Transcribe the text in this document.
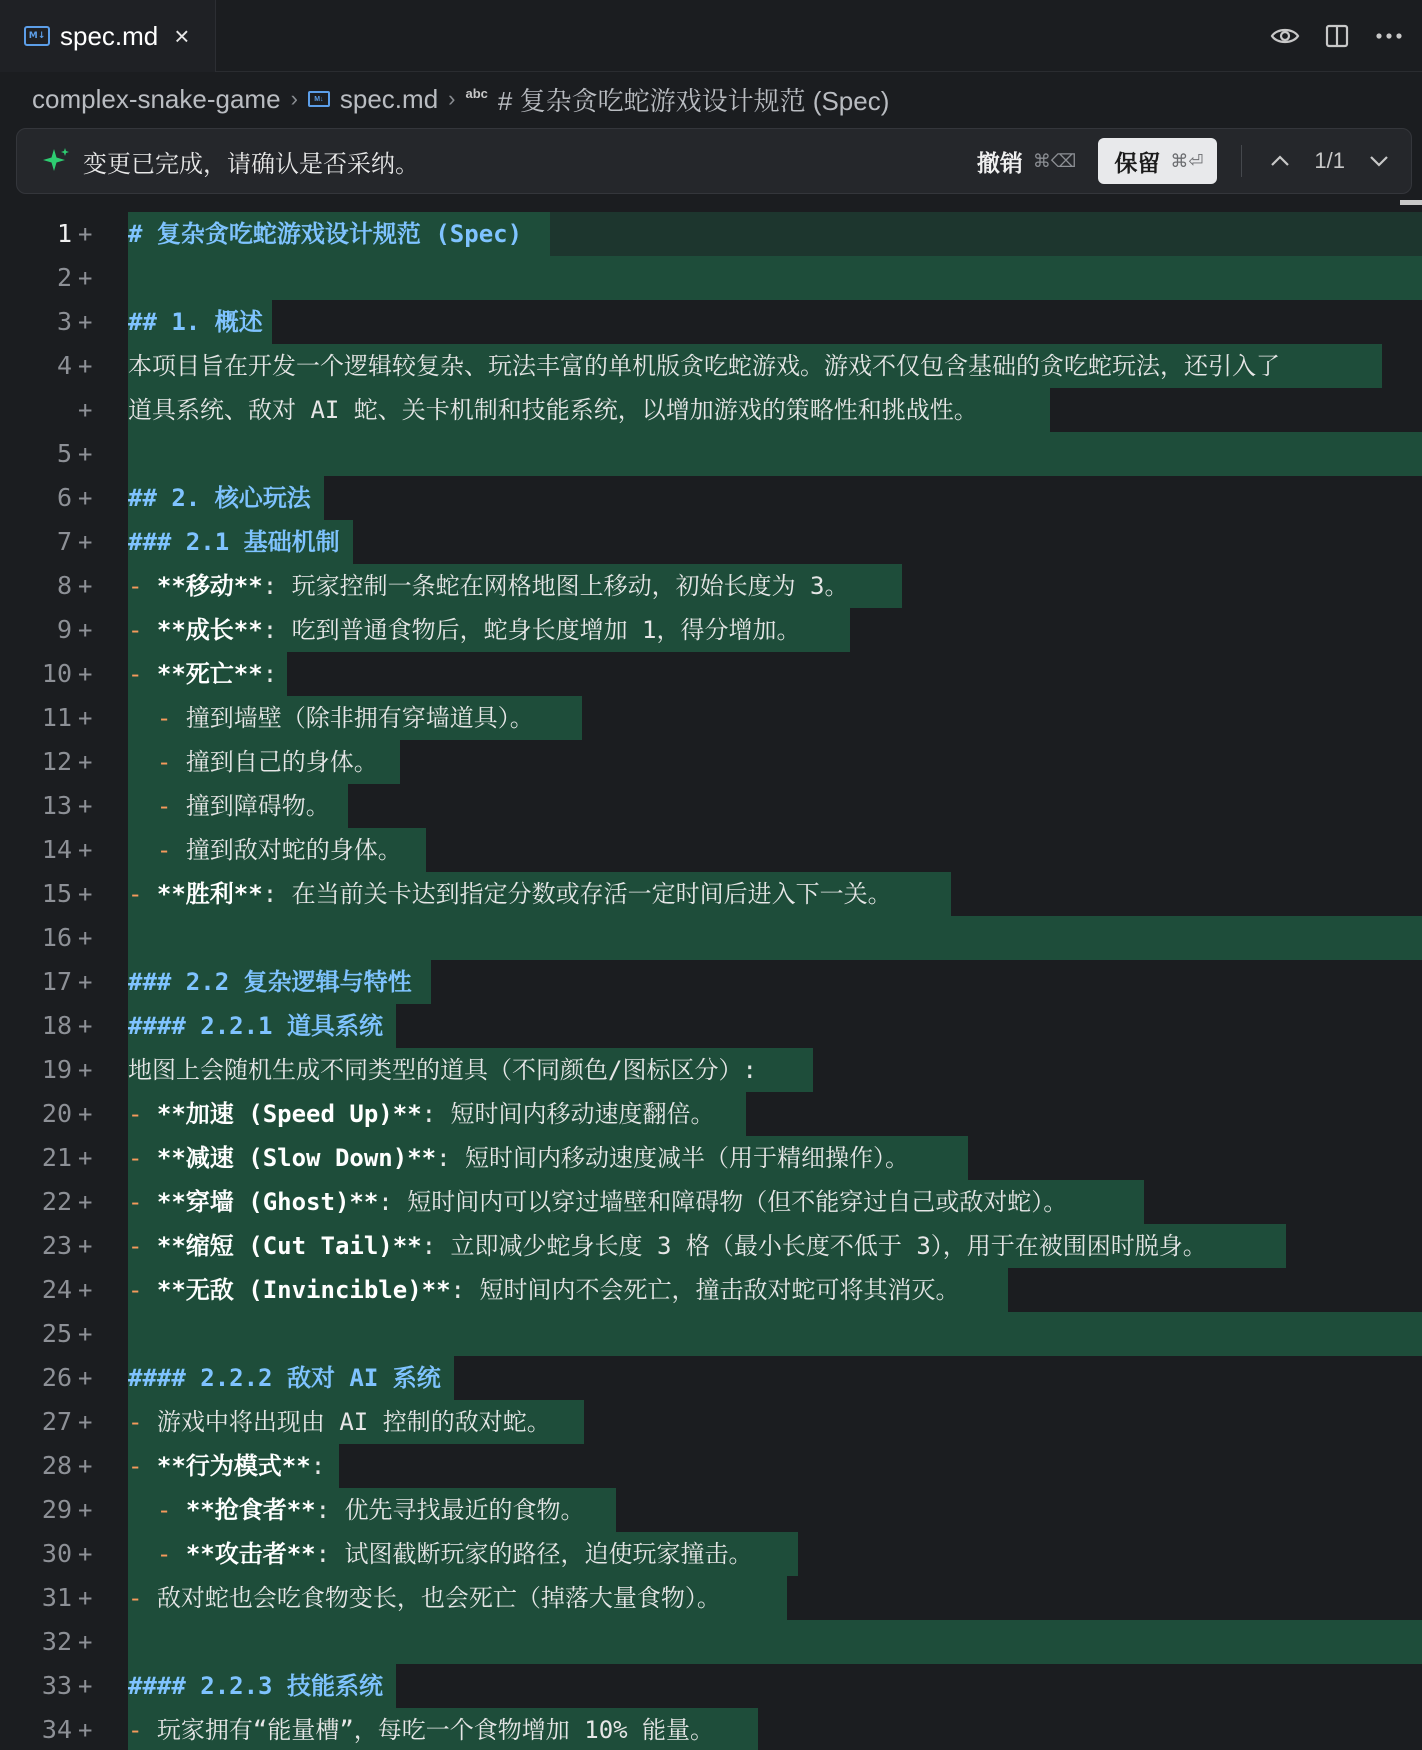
M↓ spec.md ×
complex-snake-game ›	M↓ spec.md › abc # 复杂贪吃蛇游戏设计规范 (Spec)
变更已完成，请确认是否采纳。	撤销 ⌘⌫ 保留 ⌘⏎	1/1
1 + # 复杂贪吃蛇游戏设计规范 (Spec)
2 +
3 + ## 1. 概述
4 + 本项目旨在开发一个逻辑较复杂、玩法丰富的单机版贪吃蛇游戏。游戏不仅包含基础的贪吃蛇玩法，还引入了
+ 道具系统、敌对 AI 蛇、关卡机制和技能系统，以增加游戏的策略性和挑战性。
5 +
6 + ## 2. 核心玩法
7 + ### 2.1 基础机制
8 + - **移动**: 玩家控制一条蛇在网格地图上移动，初始长度为 3。
9 + - **成长**: 吃到普通食物后，蛇身长度增加 1，得分增加。
10 + - **死亡**:
11 +	- 撞到墙壁（除非拥有穿墙道具）。
12 +	- 撞到自己的身体。
13 +	- 撞到障碍物。
14 +	- 撞到敌对蛇的身体。
15 + - **胜利**: 在当前关卡达到指定分数或存活一定时间后进入下一关。
16 +
17 + ### 2.2 复杂逻辑与特性
18 + #### 2.2.1 道具系统
19 + 地图上会随机生成不同类型的道具（不同颜色/图标区分）:
20 + - **加速 (Speed Up)**: 短时间内移动速度翻倍。
21 + - **减速 (Slow Down)**: 短时间内移动速度减半（用于精细操作）。
22 + - **穿墙 (Ghost)**: 短时间内可以穿过墙壁和障碍物（但不能穿过自己或敌对蛇）。
23 + - **缩短 (Cut Tail)**: 立即减少蛇身长度 3 格（最小长度不低于 3），用于在被围困时脱身。
24 + - **无敌 (Invincible)**: 短时间内不会死亡，撞击敌对蛇可将其消灭。
25 +
26 + #### 2.2.2 敌对 AI 系统
27 + - 游戏中将出现由 AI 控制的敌对蛇。
28 + - **行为模式**:
29 +	- **抢食者**: 优先寻找最近的食物。
30 +	- **攻击者**: 试图截断玩家的路径，迫使玩家撞击。
31 + - 敌对蛇也会吃食物变长，也会死亡（掉落大量食物）。
32 +
33 + #### 2.2.3 技能系统
34 + - 玩家拥有“能量槽”，每吃一个食物增加 10% 能量。
